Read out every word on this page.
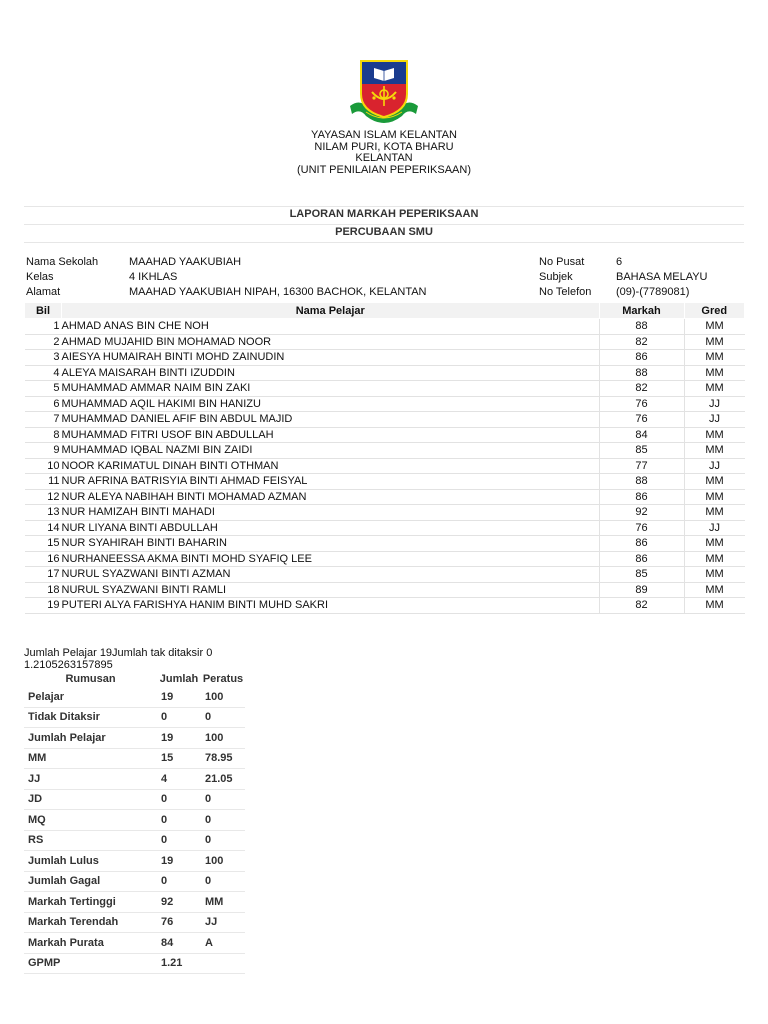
YAYASAN ISLAM KELANTAN
NILAM PURI, KOTA BHARU
KELANTAN
(UNIT PENILAIAN PEPERIKSAAN)
LAPORAN MARKAH PEPERIKSAAN
PERCUBAAN SMU
Nama Sekolah	MAAHAD YAAKUBIAH
Kelas	4 IKHLAS
Alamat	MAAHAD YAAKUBIAH NIPAH, 16300 BACHOK, KELANTAN
No Pusat	6
Subjek	BAHASA MELAYU
No Telefon (09)-(7789081)
Bil	Nama Pelajar	Markah	Gred
1	AHMAD ANAS BIN CHE NOH	88	MM
2	AHMAD MUJAHID BIN MOHAMAD NOOR	82	MM
3	AIESYA HUMAIRAH BINTI MOHD ZAINUDIN	86	MM
4	ALEYA MAISARAH BINTI IZUDDIN	88	MM
5	MUHAMMAD AMMAR NAIM BIN ZAKI	82	MM
6	MUHAMMAD AQIL HAKIMI BIN HANIZU	76	JJ
7	MUHAMMAD DANIEL AFIF BIN ABDUL MAJID	76	JJ
8	MUHAMMAD FITRI USOF BIN ABDULLAH	84	MM
9	MUHAMMAD IQBAL NAZMI BIN ZAIDI	85	MM
10	NOOR KARIMATUL DINAH BINTI OTHMAN	77	JJ
11	NUR AFRINA BATRISYIA BINTI AHMAD FEISYAL	88	MM
12	NUR ALEYA NABIHAH BINTI MOHAMAD AZMAN	86	MM
13	NUR HAMIZAH BINTI MAHADI	92	MM
14	NUR LIYANA BINTI ABDULLAH	76	JJ
15	NUR SYAHIRAH BINTI BAHARIN	86	MM
16	NURHANEESSA AKMA BINTI MOHD SYAFIQ LEE	86	MM
17	NURUL SYAZWANI BINTI AZMAN	85	MM
18	NURUL SYAZWANI BINTI RAMLI	89	MM
19	PUTERI ALYA FARISHYA HANIM BINTI MUHD SAKRI	82	MM
Jumlah Pelajar 19Jumlah tak ditaksir 0
1.2105263157895
Rumusan	Jumlah	Peratus
Pelajar	19	100
Tidak Ditaksir	0	0
Jumlah Pelajar	19	100
MM	15	78.95
JJ	4	21.05
JD	0	0
MQ	0	0
RS	0	0
Jumlah Lulus	19	100
Jumlah Gagal	0	0
Markah Tertinggi	92	MM
Markah Terendah	76	JJ
Markah Purata	84	A
GPMP	1.21	
